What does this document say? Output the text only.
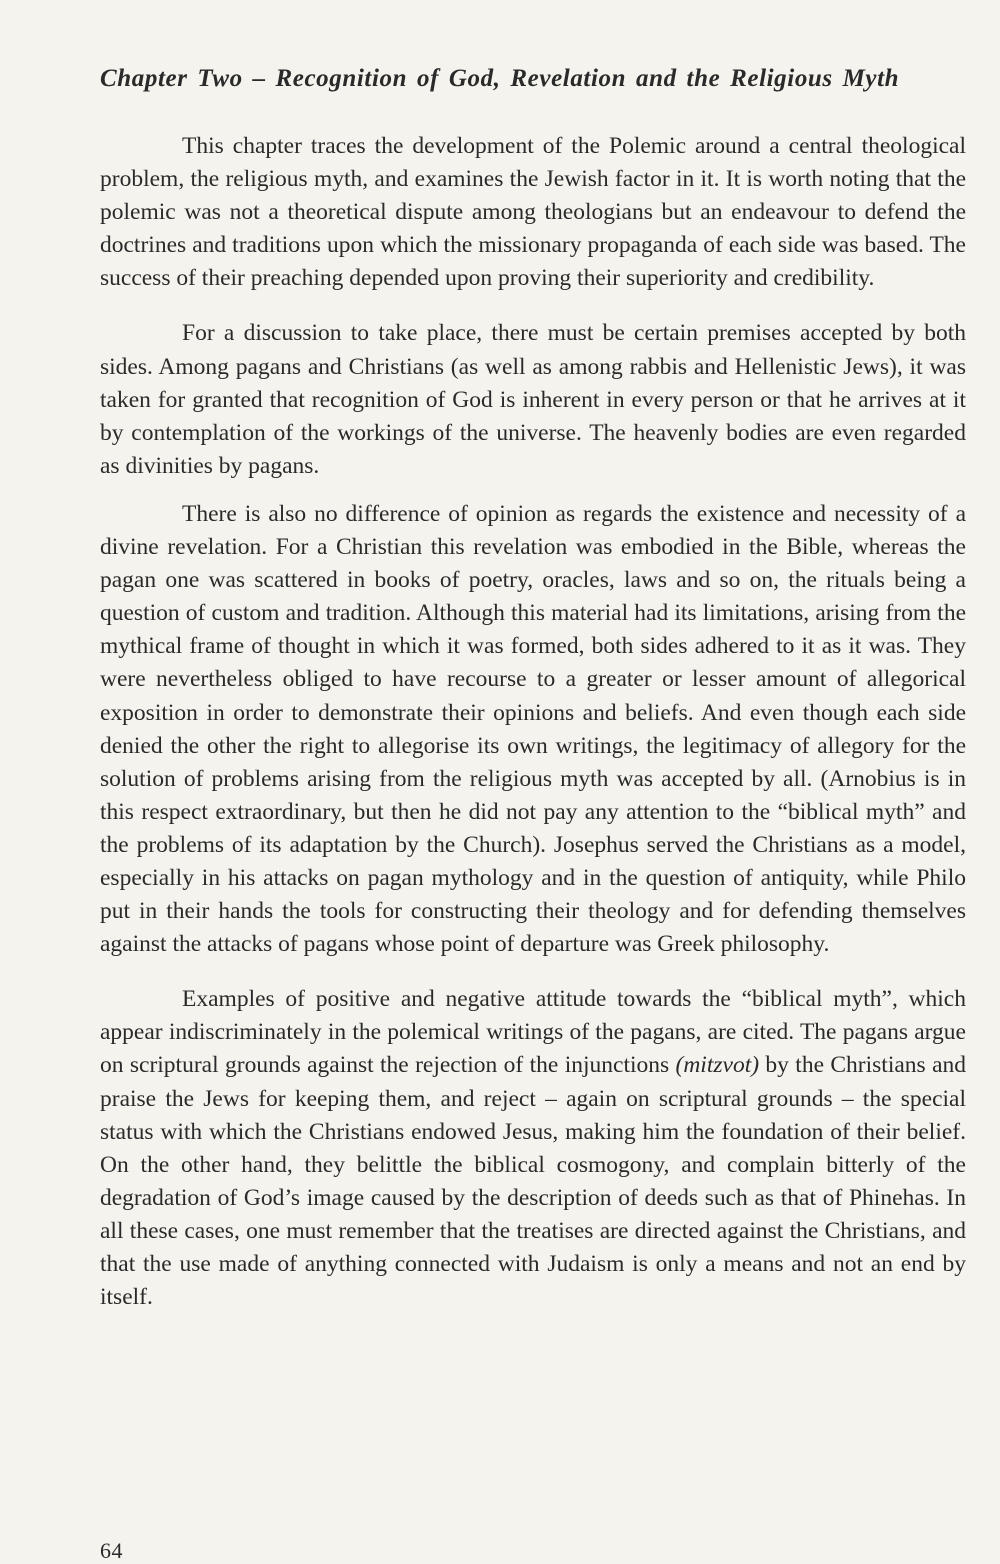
Chapter Two – Recognition of God, Revelation and the Religious Myth

This chapter traces the development of the Polemic around a central theological problem, the religious myth, and examines the Jewish factor in it. It is worth noting that the polemic was not a theoretical dispute among theologians but an endeavour to defend the doctrines and traditions upon which the missionary propaganda of each side was based. The success of their preaching depended upon proving their superiority and credibility.

For a discussion to take place, there must be certain premises accepted by both sides. Among pagans and Christians (as well as among rabbis and Hellenistic Jews), it was taken for granted that recognition of God is inherent in every person or that he arrives at it by contemplation of the workings of the universe. The heavenly bodies are even regarded as divinities by pagans.

There is also no difference of opinion as regards the existence and necessity of a divine revelation. For a Christian this revelation was embodied in the Bible, whereas the pagan one was scattered in books of poetry, oracles, laws and so on, the rituals being a question of custom and tradition. Although this material had its limitations, arising from the mythical frame of thought in which it was formed, both sides adhered to it as it was. They were nevertheless obliged to have recourse to a greater or lesser amount of allegorical exposition in order to demonstrate their opinions and beliefs. And even though each side denied the other the right to allegorise its own writings, the legitimacy of allegory for the solution of problems arising from the religious myth was accepted by all. (Arnobius is in this respect extraordinary, but then he did not pay any attention to the “biblical myth” and the problems of its adaptation by the Church). Josephus served the Christians as a model, especially in his attacks on pagan mythology and in the question of antiquity, while Philo put in their hands the tools for constructing their theology and for defending themselves against the attacks of pagans whose point of departure was Greek philosophy.

Examples of positive and negative attitude towards the “biblical myth”, which appear indiscriminately in the polemical writings of the pagans, are cited. The pagans argue on scriptural grounds against the rejection of the injunctions (mitzvot) by the Christians and praise the Jews for keeping them, and reject – again on scriptural grounds – the special status with which the Christians endowed Jesus, making him the foundation of their belief. On the other hand, they belittle the biblical cosmogony, and complain bitterly of the degradation of God’s image caused by the description of deeds such as that of Phinehas. In all these cases, one must remember that the treatises are directed against the Christians, and that the use made of anything connected with Judaism is only a means and not an end by itself.

64
